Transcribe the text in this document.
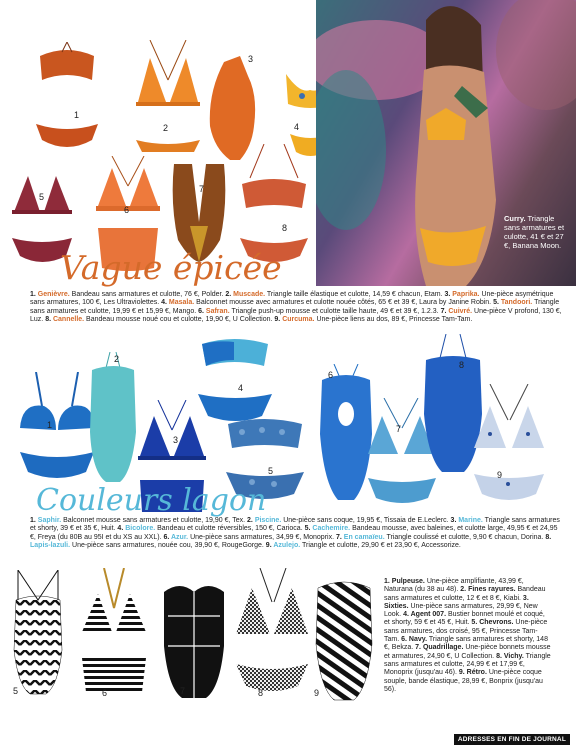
1
2
3
4
5
6
7
8
Curry. Triangle sans armatures et culotte, 41 € et 27 €, Banana Moon.
Vague épicée
1. Genièvre. Bandeau sans armatures et culotte, 76 €, Polder. 2. Muscade. Triangle taille élastique et culotte, 14,59 € chacun, Etam. 3. Paprika. Une-pièce asymétrique sans armatures, 100 €, Les Ultraviolettes. 4. Masala. Balconnet mousse avec armatures et culotte nouée côtés, 65 € et 39 €, Laura by Janine Robin. 5. Tandoori. Triangle sans armatures et culotte, 19,99 € et 15,99 €, Mango. 6. Safran. Triangle push-up mousse et culotte taille haute, 49 € et 39 €, 1.2.3. 7. Cuivré. Une-pièce V profond, 130 €, Luz. 8. Cannelle. Bandeau mousse noué cou et culotte, 19,90 €, U Collection. 9. Curcuma. Une-pièce liens au dos, 89 €, Princesse Tam-Tam.
1
2
3
4
5
6
7
8
9
Couleurs lagon
1. Saphir. Balconnet mousse sans armatures et culotte, 19,90 €, Tex. 2. Piscine. Une-pièce sans coque, 19,95 €, Tissaia de E.Leclerc. 3. Marine. Triangle sans armatures et shorty, 39 € et 35 €, Huit. 4. Bicolore. Bandeau et culotte réversibles, 150 €, Carioca. 5. Cachemire. Bandeau mousse, avec baleines, et culotte large, 49,95 € et 24,95 €, Freya (du 80B au 95I et du XS au XXL). 6. Azur. Une-pièce sans armatures, 34,99 €, Monoprix. 7. En camaïeu. Triangle coulissé et culotte, 9,90 € chacun, Dorina. 8. Lapis-lazuli. Une-pièce sans armatures, nouée cou, 39,90 €, RougeGorge. 9. Azulejo. Triangle et culotte, 29,90 € et 23,90 €, Accessorize.
5	6	7	8	9
1. Pulpeuse. Une-pièce amplifiante, 43,99 €, Naturana (du 38 au 48). 2. Fines rayures. Bandeau sans armatures et culotte, 12 € et 8 €, Kiabi. 3. Sixties. Une-pièce sans armatures, 29,99 €, New Look. 4. Agent 007. Bustier bonnet moulé et coqué, et shorty, 59 € et 45 €, Huit. 5. Chevrons. Une-pièce sans armatures, dos croisé, 95 €, Princesse Tam-Tam. 6. Navy. Triangle sans armatures et shorty, 148 €, Bekza. 7. Quadrillage. Une-pièce bonnets mousse et armatures, 24,90 €, U Collection. 8. Vichy. Triangle sans armatures et culotte, 24,99 € et 17,99 €, Monoprix (jusqu'au 46). 9. Rétro. Une-pièce coque souple, bande élastique, 28,99 €, Bonprix (jusqu'au 56).
ADRESSES EN FIN DE JOURNAL
